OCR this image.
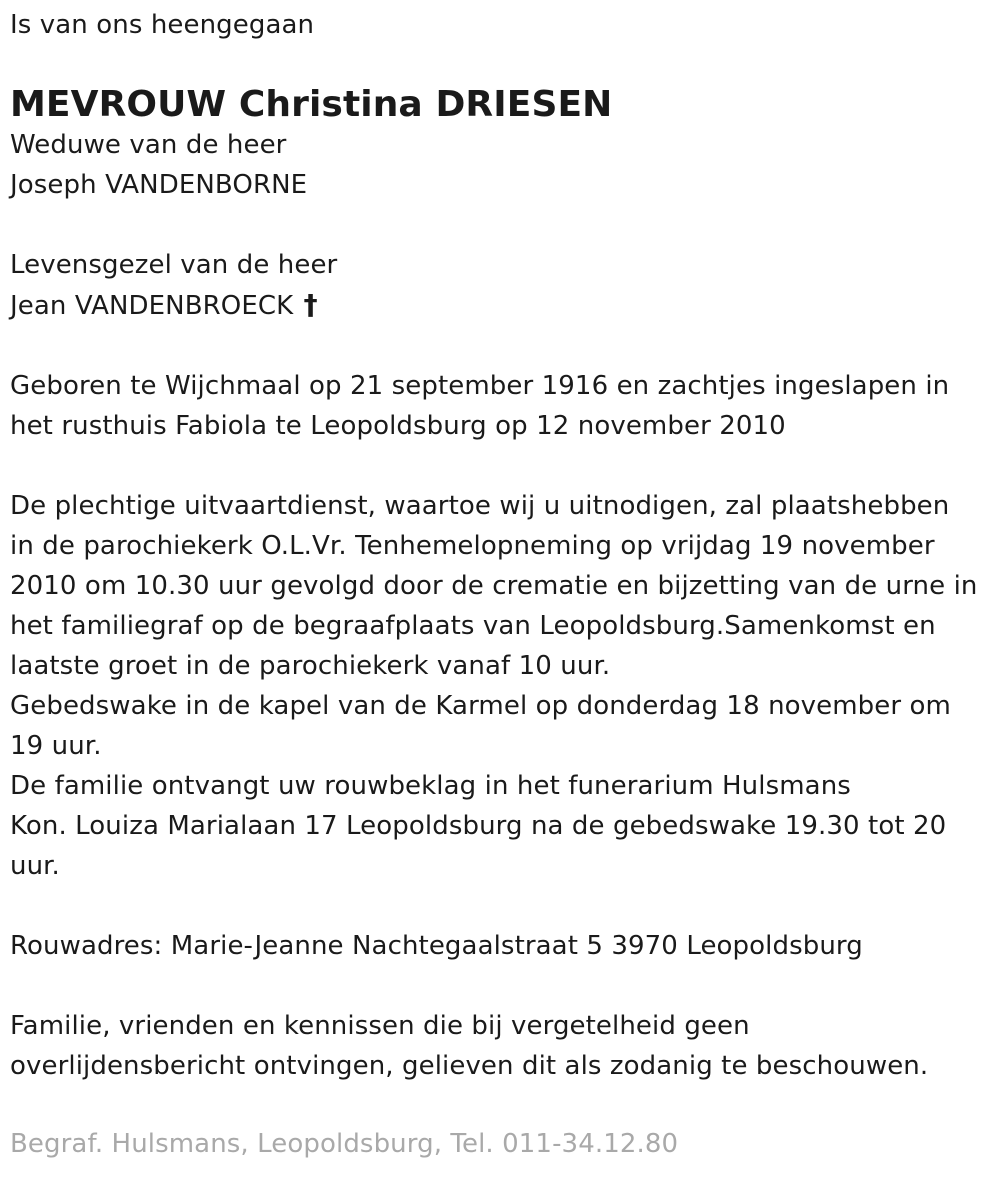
Is van ons heengegaan
MEVROUW Christina DRIESEN
Weduwe van de heer
Joseph VANDENBORNE
Levensgezel van de heer
Jean VANDENBROECK †
Geboren te Wijchmaal op 21 september 1916 en zachtjes ingeslapen in
het rusthuis Fabiola te Leopoldsburg op 12 november 2010
De plechtige uitvaartdienst, waartoe wij u uitnodigen, zal plaatshebben
in de parochiekerk O.L.Vr. Tenhemelopneming op vrijdag 19 november
2010 om 10.30 uur gevolgd door de crematie en bijzetting van de urne in
het familiegraf op de begraafplaats van Leopoldsburg.Samenkomst en
laatste groet in de parochiekerk vanaf 10 uur.
Gebedswake in de kapel van de Karmel op donderdag 18 november om
19 uur.
De familie ontvangt uw rouwbeklag in het funerarium Hulsmans
Kon. Louiza Marialaan 17 Leopoldsburg na de gebedswake 19.30 tot 20
uur.
Rouwadres: Marie-Jeanne Nachtegaalstraat 5 3970 Leopoldsburg
Familie, vrienden en kennissen die bij vergetelheid geen
overlijdensbericht ontvingen, gelieven dit als zodanig te beschouwen.
Begraf. Hulsmans, Leopoldsburg, Tel. 011-34.12.80
